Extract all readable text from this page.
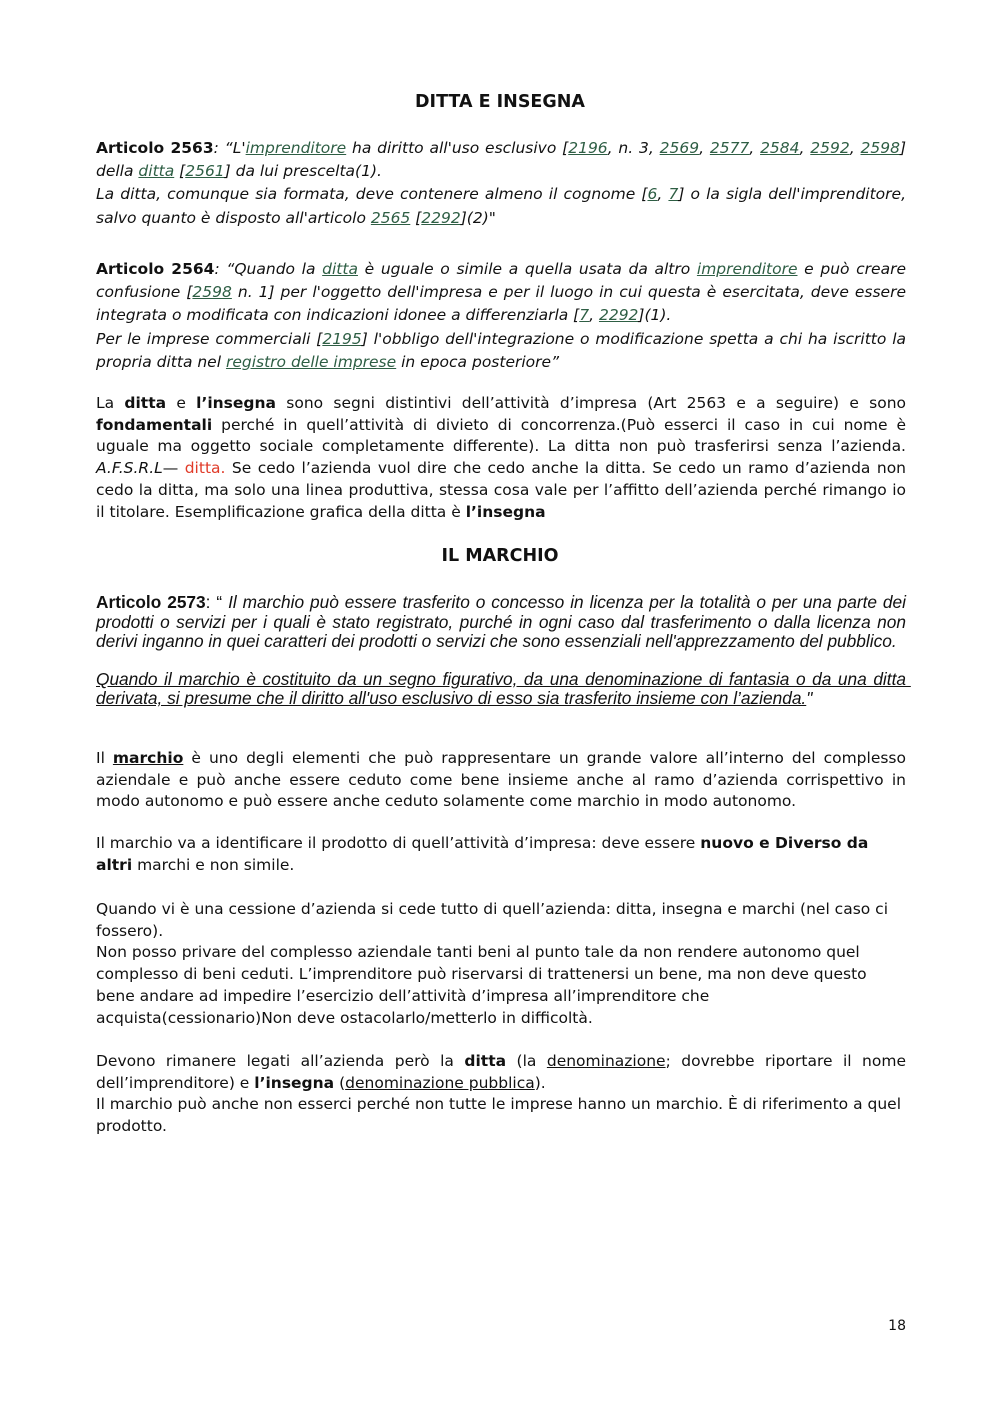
DITTA E INSEGNA

Articolo 2563: “L'imprenditore ha diritto all'uso esclusivo [2196, n. 3, 2569, 2577, 2584, 2592, 2598] della ditta [2561] da lui prescelta(1).

La ditta, comunque sia formata, deve contenere almeno il cognome [6, 7] o la sigla dell'imprenditore, salvo quanto è disposto all'articolo 2565 [2292](2)"

Articolo 2564: “Quando la ditta è uguale o simile a quella usata da altro imprenditore e può creare confusione [2598 n. 1] per l'oggetto dell'impresa e per il luogo in cui questa è esercitata, deve essere integrata o modificata con indicazioni idonee a differenziarla [7, 2292](1).

Per le imprese commerciali [2195] l'obbligo dell'integrazione o modificazione spetta a chi ha iscritto la propria ditta nel registro delle imprese in epoca posteriore”

La ditta e l’insegna sono segni distintivi dell’attività d’impresa (Art 2563 e a seguire) e sono fondamentali perché in quell’attività di divieto di concorrenza.(Può esserci il caso in cui nome è uguale ma oggetto sociale completamente differente). La ditta non può trasferirsi senza l’azienda.  A.F.S.R.L— ditta. Se cedo l’azienda vuol dire che cedo anche la ditta. Se cedo un ramo d’azienda non cedo la ditta, ma solo una linea produttiva, stessa cosa vale per l’affitto dell’azienda perché rimango io il titolare. Esemplificazione grafica della ditta è l’insegna

IL MARCHIO

Articolo 2573: “ Il marchio può essere trasferito o concesso in licenza per la totalità o per una parte dei prodotti o servizi per i quali è stato registrato, purché in ogni caso dal trasferimento o dalla licenza non derivi inganno in quei caratteri dei prodotti o servizi che sono essenziali nell'apprezzamento del pubblico.

Quando il marchio è costituito da un segno figurativo, da una denominazione di fantasia o da una ditta derivata, si presume che il diritto all'uso esclusivo di esso sia trasferito insieme con l’azienda."

Il marchio è uno degli elementi che può rappresentare un grande valore all’interno del complesso aziendale e può anche essere ceduto come bene insieme anche al ramo d’azienda corrispettivo in modo autonomo e può essere anche ceduto solamente come marchio in modo autonomo.

Il marchio va a identificare il prodotto di quell’attività d’impresa: deve essere nuovo e Diverso da altri marchi e non simile.

Quando vi è una cessione d’azienda si cede tutto di quell’azienda: ditta, insegna e marchi (nel caso ci fossero).

Non posso privare del complesso aziendale tanti beni al punto tale da non rendere autonomo quel complesso di beni ceduti. L’imprenditore può riservarsi di trattenersi un bene, ma non deve questo bene andare ad impedire l’esercizio dell’attività d’impresa all’imprenditore che acquista(cessionario)Non deve ostacolarlo/metterlo in difficoltà.

Devono rimanere legati all’azienda però la ditta (la denominazione; dovrebbe riportare il nome dell’imprenditore) e l’insegna (denominazione pubblica).

Il marchio può anche non esserci perché non tutte le imprese hanno un marchio. È di riferimento a quel prodotto.

18
